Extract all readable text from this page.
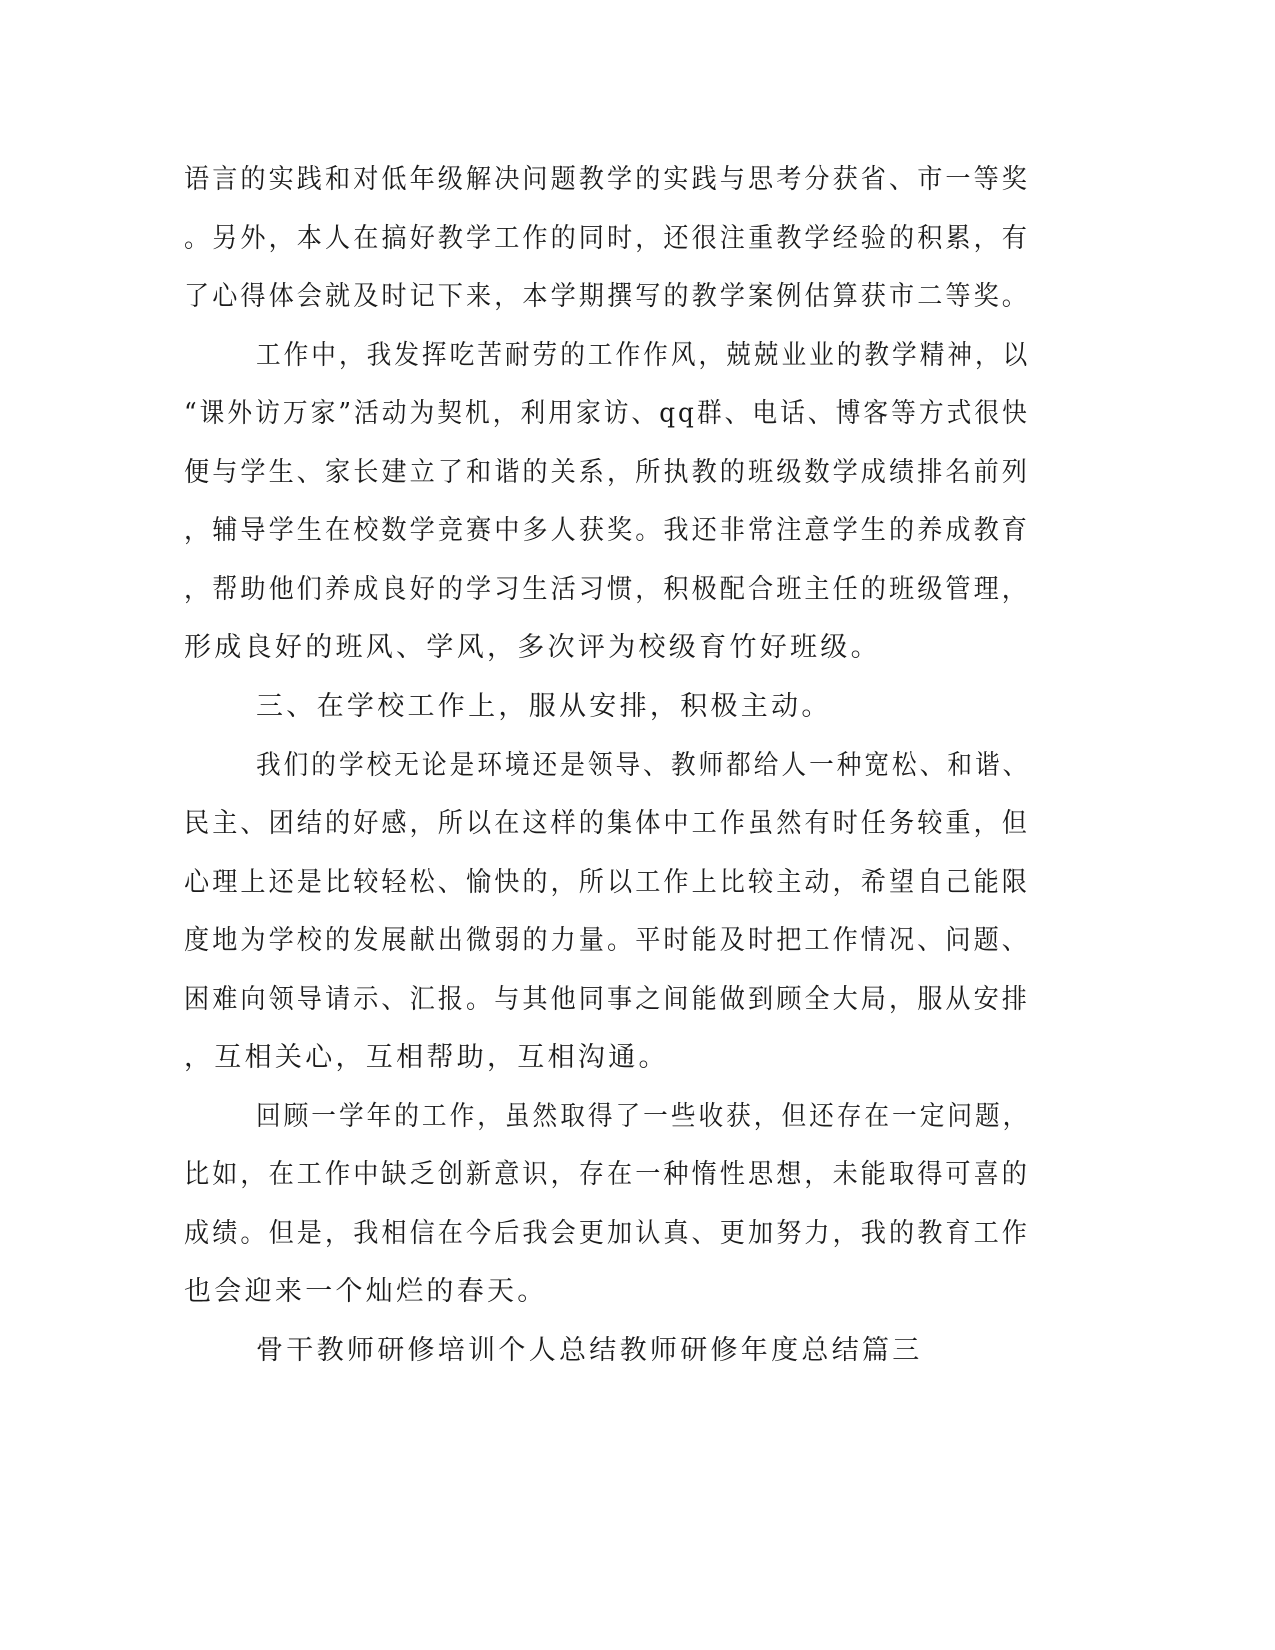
语言的实践和对低年级解决问题教学的实践与思考分获省、市一等奖
。另外，本人在搞好教学工作的同时，还很注重教学经验的积累，有
了心得体会就及时记下来，本学期撰写的教学案例估算获市二等奖。
工作中，我发挥吃苦耐劳的工作作风，兢兢业业的教学精神，以
“课外访万家”活动为契机，利用家访、qq群、电话、博客等方式很快
便与学生、家长建立了和谐的关系，所执教的班级数学成绩排名前列
，辅导学生在校数学竞赛中多人获奖。我还非常注意学生的养成教育
，帮助他们养成良好的学习生活习惯，积极配合班主任的班级管理，
形成良好的班风、学风，多次评为校级育竹好班级。
三、在学校工作上，服从安排，积极主动。
我们的学校无论是环境还是领导、教师都给人一种宽松、和谐、
民主、团结的好感，所以在这样的集体中工作虽然有时任务较重，但
心理上还是比较轻松、愉快的，所以工作上比较主动，希望自己能限
度地为学校的发展献出微弱的力量。平时能及时把工作情况、问题、
困难向领导请示、汇报。与其他同事之间能做到顾全大局，服从安排
，互相关心，互相帮助，互相沟通。
回顾一学年的工作，虽然取得了一些收获，但还存在一定问题，
比如，在工作中缺乏创新意识，存在一种惰性思想，未能取得可喜的
成绩。但是，我相信在今后我会更加认真、更加努力，我的教育工作
也会迎来一个灿烂的春天。
骨干教师研修培训个人总结教师研修年度总结篇三
